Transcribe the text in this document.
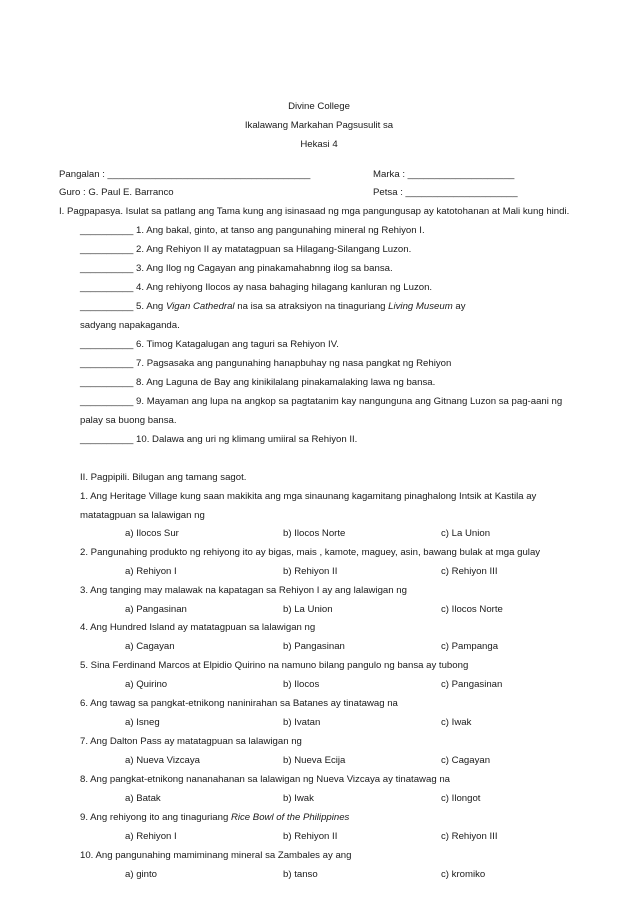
Divine College
Ikalawang Markahan Pagsusulit sa
Hekasi 4
Pangalan : ______________________________________	Marka : ____________________
Guro : G. Paul E. Barranco	Petsa : _____________________
I. Pagpapasya. Isulat sa patlang ang Tama kung ang isinasaad ng mga pangungusap ay katotohanan at Mali kung hindi.
__________ 1. Ang bakal, ginto, at tanso ang pangunahing mineral ng Rehiyon I.
__________ 2. Ang Rehiyon II ay matatagpuan sa Hilagang-Silangang Luzon.
__________ 3. Ang Ilog ng Cagayan ang pinakamahabnng ilog sa bansa.
__________ 4. Ang rehiyong Ilocos ay nasa bahaging hilagang kanluran ng Luzon.
__________ 5. Ang Vigan Cathedral na isa sa atraksiyon na tinaguriang Living Museum ay
sadyang napakaganda.
__________ 6. Timog Katagalugan ang taguri sa Rehiyon IV.
__________ 7. Pagsasaka ang pangunahing hanapbuhay ng nasa pangkat ng Rehiyon
__________ 8. Ang Laguna de Bay ang kinikilalang pinakamalaking lawa ng bansa.
__________ 9. Mayaman ang lupa na angkop sa pagtatanim kay nangunguna ang Gitnang Luzon sa pag-aani ng
palay sa buong bansa.
__________ 10. Dalawa ang uri ng klimang umiiral sa Rehiyon II.
II. Pagpipili. Bilugan ang tamang sagot.
1. Ang Heritage Village kung saan makikita ang mga sinaunang kagamitang pinaghalong Intsik at Kastila ay
matatagpuan sa lalawigan ng
a) Ilocos Sur	b) Ilocos Norte	c) La Union
2. Pangunahing produkto ng rehiyong ito ay bigas, mais , kamote, maguey, asin, bawang bulak at mga gulay
a) Rehiyon I	b) Rehiyon II	c) Rehiyon III
3. Ang tanging may malawak na kapatagan sa Rehiyon I ay ang lalawigan ng
a) Pangasinan	b) La Union	c) Ilocos Norte
4. Ang Hundred Island ay matatagpuan sa lalawigan ng
a) Cagayan	b) Pangasinan	c) Pampanga
5. Sina Ferdinand Marcos at Elpidio Quirino na namuno bilang pangulo ng bansa ay tubong
a) Quirino	b) Ilocos	c) Pangasinan
6. Ang tawag sa pangkat-etnikong naninirahan sa Batanes ay tinatawag na
a) Isneg	b) Ivatan	c) Iwak
7. Ang Dalton Pass ay matatagpuan sa lalawigan ng
a) Nueva Vizcaya	b) Nueva Ecija	c) Cagayan
8. Ang pangkat-etnikong nananahanan sa lalawigan ng Nueva Vizcaya ay tinatawag na
a) Batak	b) Iwak	c) Ilongot
9. Ang rehiyong ito ang tinaguriang Rice Bowl of the Philippines
a) Rehiyon I	b) Rehiyon II	c) Rehiyon III
10. Ang pangunahing mamiminang mineral sa Zambales ay ang
a) ginto	b) tanso	c) kromiko
